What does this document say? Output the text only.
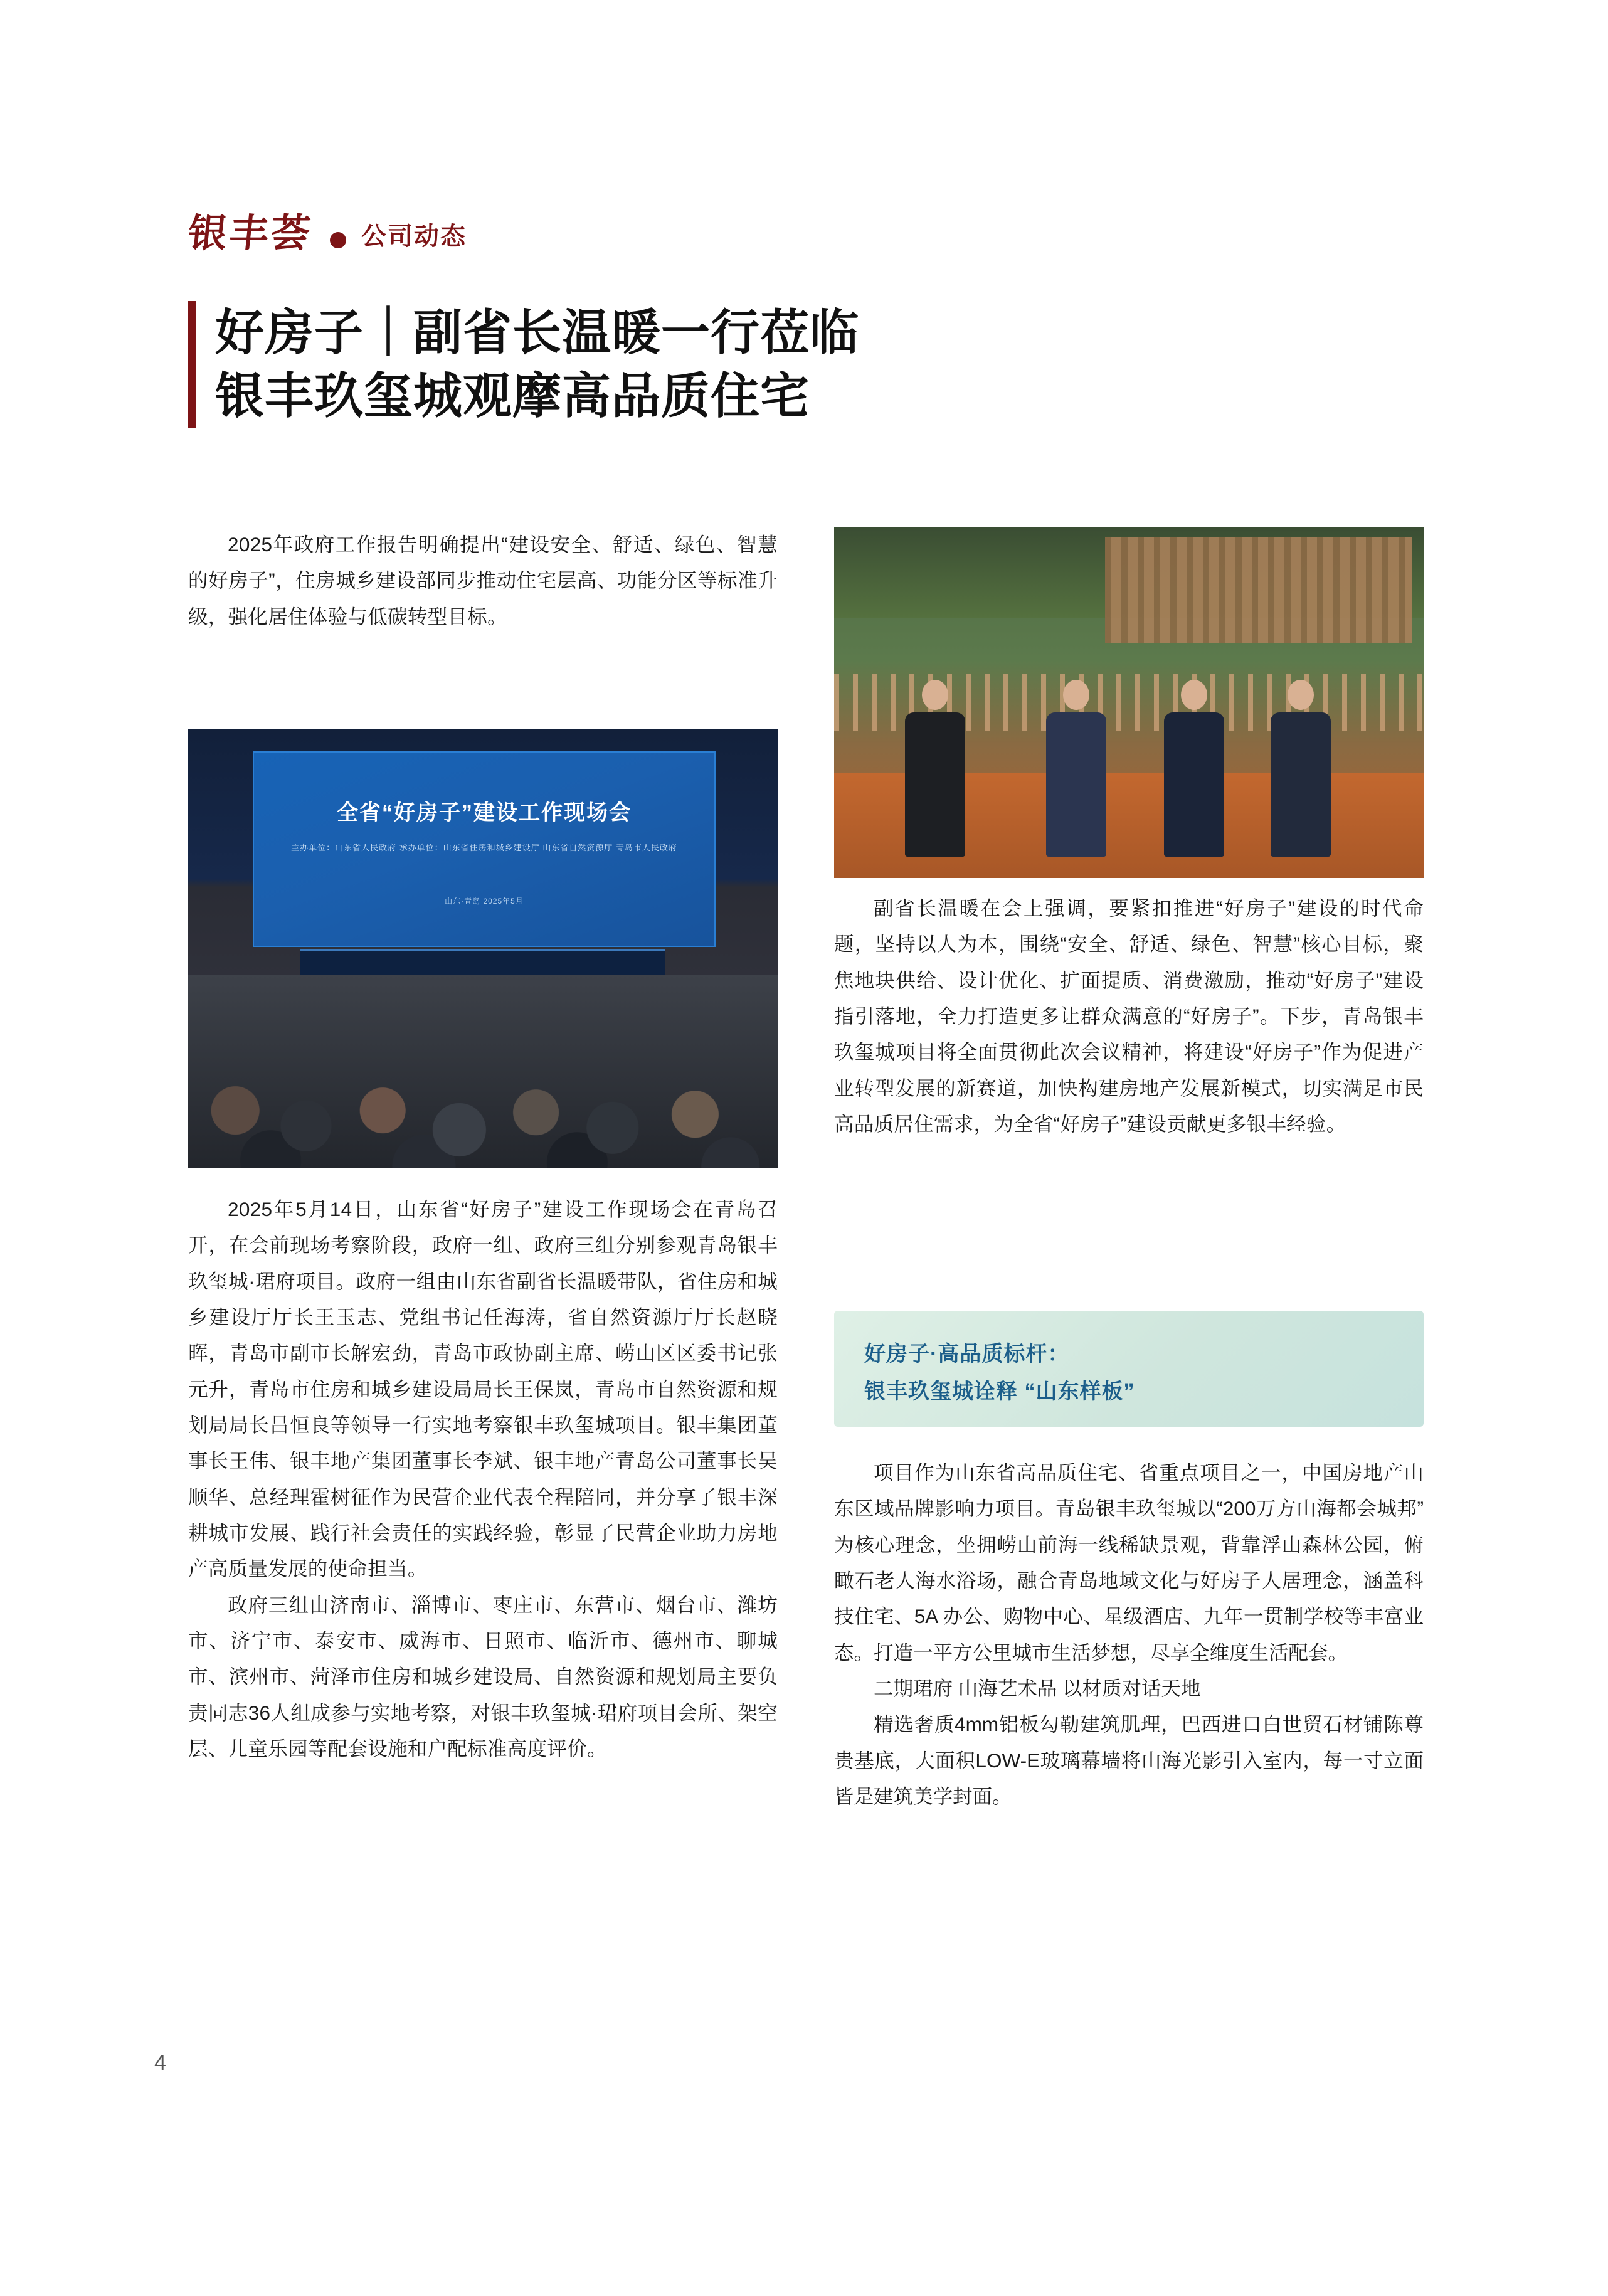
银丰荟 公司动态
好房子｜副省长温暖一行莅临
银丰玖玺城观摩高品质住宅

2025年政府工作报告明确提出“建设安全、舒适、绿色、智慧的好房子”，住房城乡建设部同步推动住宅层高、功能分区等标准升级，强化居住体验与低碳转型目标。

全省“好房子”建设工作现场会
主办单位：山东省人民政府 承办单位：山东省住房和城乡建设厅 山东省自然资源厅 青岛市人民政府
山东·青岛 2025年5月

2025年5月14日，山东省“好房子”建设工作现场会在青岛召开，在会前现场考察阶段，政府一组、政府三组分别参观青岛银丰玖玺城·珺府项目。政府一组由山东省副省长温暖带队，省住房和城乡建设厅厅长王玉志、党组书记任海涛，省自然资源厅厅长赵晓晖，青岛市副市长解宏劲，青岛市政协副主席、崂山区区委书记张元升，青岛市住房和城乡建设局局长王保岚，青岛市自然资源和规划局局长吕恒良等领导一行实地考察银丰玖玺城项目。银丰集团董事长王伟、银丰地产集团董事长李斌、银丰地产青岛公司董事长吴顺华、总经理霍树征作为民营企业代表全程陪同，并分享了银丰深耕城市发展、践行社会责任的实践经验，彰显了民营企业助力房地产高质量发展的使命担当。

政府三组由济南市、淄博市、枣庄市、东营市、烟台市、潍坊市、济宁市、泰安市、威海市、日照市、临沂市、德州市、聊城市、滨州市、菏泽市住房和城乡建设局、自然资源和规划局主要负责同志36人组成参与实地考察，对银丰玖玺城·珺府项目会所、架空层、儿童乐园等配套设施和户配标准高度评价。

副省长温暖在会上强调，要紧扣推进“好房子”建设的时代命题，坚持以人为本，围绕“安全、舒适、绿色、智慧”核心目标，聚焦地块供给、设计优化、扩面提质、消费激励，推动“好房子”建设指引落地，全力打造更多让群众满意的“好房子”。下步，青岛银丰玖玺城项目将全面贯彻此次会议精神，将建设“好房子”作为促进产业转型发展的新赛道，加快构建房地产发展新模式，切实满足市民高品质居住需求，为全省“好房子”建设贡献更多银丰经验。

好房子·高品质标杆：
银丰玖玺城诠释 “山东样板”

项目作为山东省高品质住宅、省重点项目之一，中国房地产山东区域品牌影响力项目。青岛银丰玖玺城以“200万方山海都会城邦”为核心理念，坐拥崂山前海一线稀缺景观，背靠浮山森林公园，俯瞰石老人海水浴场，融合青岛地域文化与好房子人居理念，涵盖科技住宅、5A 办公、购物中心、星级酒店、九年一贯制学校等丰富业态。打造一平方公里城市生活梦想，尽享全维度生活配套。

二期珺府 山海艺术品 以材质对话天地

精选奢质4mm铝板勾勒建筑肌理，巴西进口白世贸石材铺陈尊贵基底，大面积LOW-E玻璃幕墙将山海光影引入室内，每一寸立面皆是建筑美学封面。

4
